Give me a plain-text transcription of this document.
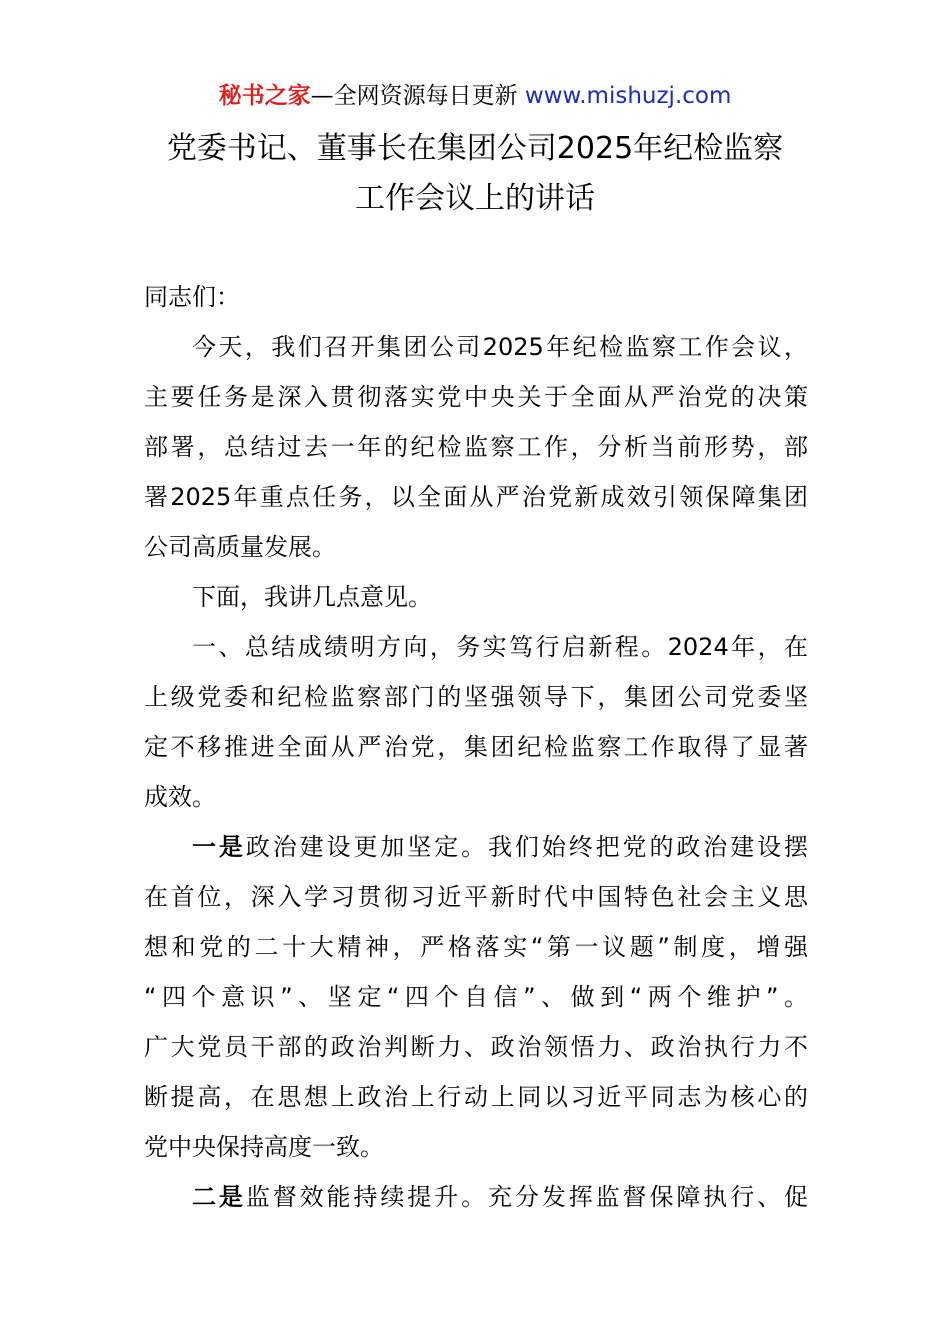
秘书之家—全网资源每日更新 www.mishuzj.com
党委书记、董事长在集团公司2025年纪检监察
工作会议上的讲话
同志们：
今天，我们召开集团公司2025年纪检监察工作会议，
主要任务是深入贯彻落实党中央关于全面从严治党的决策
部署，总结过去一年的纪检监察工作，分析当前形势，部
署2025年重点任务，以全面从严治党新成效引领保障集团
公司高质量发展。
下面，我讲几点意见。
一、总结成绩明方向，务实笃行启新程。2024年，在
上级党委和纪检监察部门的坚强领导下，集团公司党委坚
定不移推进全面从严治党，集团纪检监察工作取得了显著
成效。
一是政治建设更加坚定。我们始终把党的政治建设摆
在首位，深入学习贯彻习近平新时代中国特色社会主义思
想和党的二十大精神，严格落实“第一议题”制度，增强
“四个意识”、坚定“四个自信”、做到“两个维护”。
广大党员干部的政治判断力、政治领悟力、政治执行力不
断提高，在思想上政治上行动上同以习近平同志为核心的
党中央保持高度一致。
二是监督效能持续提升。充分发挥监督保障执行、促
